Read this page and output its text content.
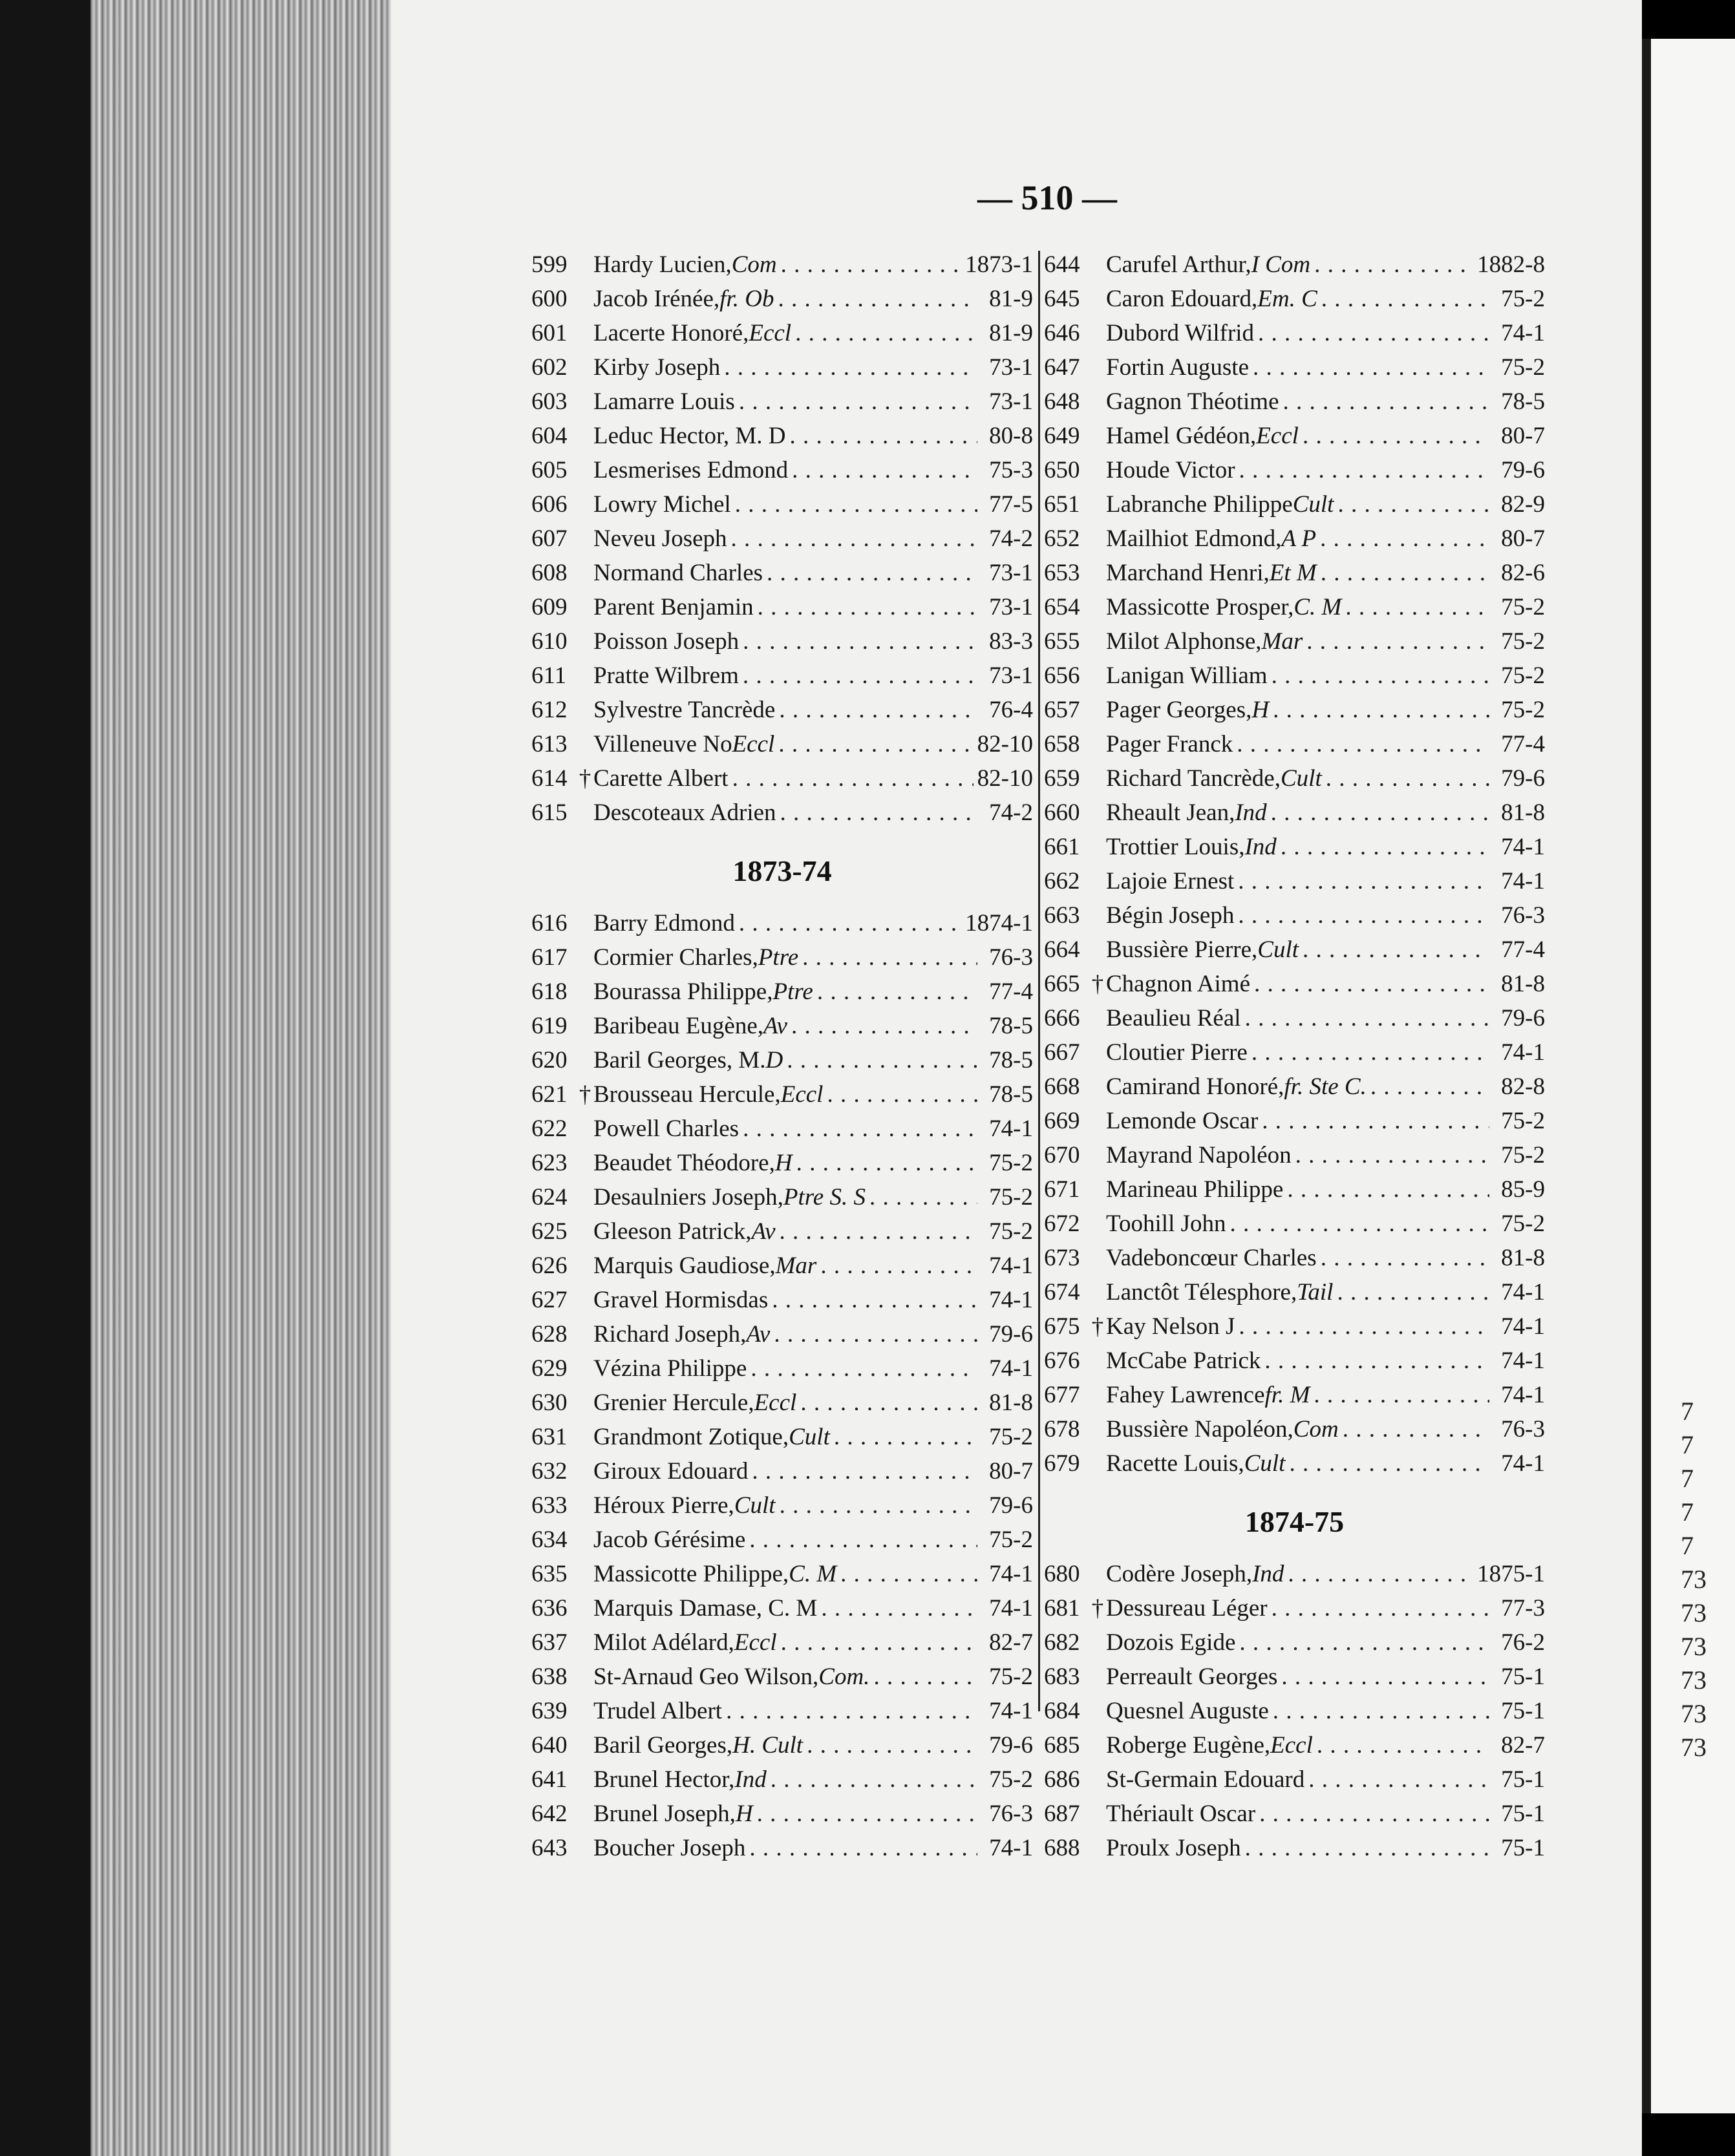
7
7
7
7
7
73
73
73
73
73
73
— 510 —
599	Hardy Lucien, Com . . .	1873-1
600	Jacob Irénée, fr. Ob . . .	81-9
601	Lacerte Honoré, Eccl . . .	81-9
602	Kirby Joseph . . .	73-1
603	Lamarre Louis . . .	73-1
604	Leduc Hector, M. D . . .	80-8
605	Lesmerises Edmond . . .	75-3
606	Lowry Michel . . .	77-5
607	Neveu Joseph . . .	74-2
608	Normand Charles . . .	73-1
609	Parent Benjamin . . .	73-1
610	Poisson Joseph . . .	83-3
611	Pratte Wilbrem . . .	73-1
612	Sylvestre Tancrède . . .	76-4
613	Villeneuve No Eccl . . .	82-10
614 † Carette Albert . . .	82-10
615	Descoteaux Adrien . . .	74-2
1873-74
616	Barry Edmond . . .	1874-1
617	Cormier Charles, Ptre . . .	76-3
618	Bourassa Philippe, Ptre . . .	77-4
619	Baribeau Eugène, Av . . .	78-5
620	Baril Georges, M. D . . .	78-5
621 † Brousseau Hercule, Eccl . . .	78-5
622	Powell Charles . . .	74-1
623	Beaudet Théodore, H . . .	75-2
624	Desaulniers Joseph, Ptre S. S . . .	75-2
625	Gleeson Patrick, Av . . .	75-2
626	Marquis Gaudiose, Mar . . .	74-1
627	Gravel Hormisdas . . .	74-1
628	Richard Joseph, Av . . .	79-6
629	Vézina Philippe . . .	74-1
630	Grenier Hercule, Eccl . . .	81-8
631	Grandmont Zotique, Cult . . .	75-2
632	Giroux Edouard . . .	80-7
633	Héroux Pierre, Cult . . .	79-6
634	Jacob Gérésime . . .	75-2
635	Massicotte Philippe, C. M . . .	74-1
636	Marquis Damase, C. M . . .	74-1
637	Milot Adélard, Eccl . . .	82-7
638	St-Arnaud Geo Wilson, Com. . . .	75-2
639	Trudel Albert . . .	74-1
640	Baril Georges, H. Cult . . .	79-6
641	Brunel Hector, Ind . . .	75-2
642	Brunel Joseph, H . . .	76-3
643	Boucher Joseph . . .	74-1
644	Carufel Arthur, I Com . . .	1882-8
645	Caron Edouard, Em. C . . .	75-2
646	Dubord Wilfrid . . .	74-1
647	Fortin Auguste . . .	75-2
648	Gagnon Théotime . . .	78-5
649	Hamel Gédéon, Eccl . . .	80-7
650	Houde Victor . . .	79-6
651	Labranche Philippe Cult . . .	82-9
652	Mailhiot Edmond, A P . . .	80-7
653	Marchand Henri, Et M . . .	82-6
654	Massicotte Prosper, C. M . . .	75-2
655	Milot Alphonse, Mar . . .	75-2
656	Lanigan William . . .	75-2
657	Pager Georges, H . . .	75-2
658	Pager Franck . . .	77-4
659	Richard Tancrède, Cult . . .	79-6
660	Rheault Jean, Ind . . .	81-8
661	Trottier Louis, Ind . . .	74-1
662	Lajoie Ernest . . .	74-1
663	Bégin Joseph . . .	76-3
664	Bussière Pierre, Cult . . .	77-4
665 † Chagnon Aimé . . .	81-8
666	Beaulieu Réal . . .	79-6
667	Cloutier Pierre . . .	74-1
668	Camirand Honoré, fr. Ste C. . . .	82-8
669	Lemonde Oscar . . .	75-2
670	Mayrand Napoléon . . .	75-2
671	Marineau Philippe . . .	85-9
672	Toohill John . . .	75-2
673	Vadeboncœur Charles . . .	81-8
674	Lanctôt Télesphore, Tail . . .	74-1
675 † Kay Nelson J . . .	74-1
676	McCabe Patrick . . .	74-1
677	Fahey Lawrence fr. M . . .	74-1
678	Bussière Napoléon, Com . . .	76-3
679	Racette Louis, Cult . . .	74-1
1874-75
680	Codère Joseph, Ind . . .	1875-1
681 † Dessureau Léger . . .	77-3
682	Dozois Egide . . .	76-2
683	Perreault Georges . . .	75-1
684	Quesnel Auguste . . .	75-1
685	Roberge Eugène, Eccl . . .	82-7
686	St-Germain Edouard . . .	75-1
687	Thériault Oscar . . .	75-1
688	Proulx Joseph . . .	75-1
